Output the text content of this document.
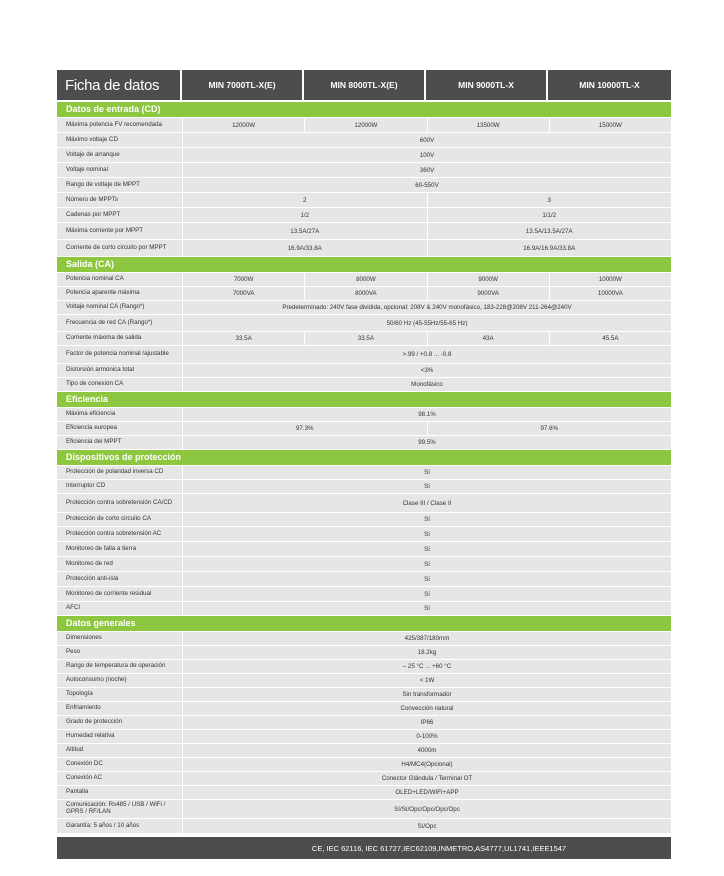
Ficha de datos	MIN 7000TL-X(E)	MIN 8000TL-X(E)	MIN 9000TL-X	MIN 10000TL-X
Datos de entrada (CD)
Máxima potencia FV recomendada	12000W	12000W	13500W	15000W
Máximo voltaje CD	600V
Voltaje de arranque	100V
Voltaje nominal	360V
Rango de voltaje de MPPT	60-550V
Número de MPPTs	2	3
Cadenas por MPPT	1/2	1/1/2
Máxima corriente por MPPT	13.5A/27A	13.5A/13.5A/27A
Corriente de corto circuito por MPPT	16.9A/33.8A	16.9A/16.9A/33.8A
Salida (CA)
Potencia nominal CA	7000W	8000W	9000W	10000W
Potencia aparente máxima	7000VA	8000VA	9000VA	10000VA
Voltaje nominal CA (Rango*)	Predeterminado: 240V fase dividida, opcional: 208V & 240V monofásico, 183-228@208V 211-264@240V
Frecuencia de red CA (Rango*)	50/60 Hz (45-55Hz/55-65 Hz)
Corriente máxima de salida	33.5A	33.5A	43A	45.5A
Factor de potencia nominal /ajustable	>.99 / +0.8 ... -0.8
Distorsión armónica total	<3%
Tipo de conexión CA	Monofásico
Eficiencia
Máxima eficiencia	98.1%
Eficiencia europea	97.3%	97.6%
Eficiencia del MPPT	99.5%
Dispositivos de protección
Protección de polaridad inversa CD	Sí
Interruptor CD	Sí
Protección contra sobretensión CA/CD	Clase III / Clase II
Protección de corto circuito CA	Sí
Protección contra sobretensión AC	Sí
Monitoreo de falla a tierra	Sí
Monitoreo de red	Sí
Protección anti-isla	Sí
Monitoreo de corriente residual	Sí
AFCI	Sí
Datos generales
Dimensiones	425/387/180mm
Peso	18.2kg
Rango de temperatura de operación	– 25 °C ... +60 °C
Autoconsumo (noche)	< 1W
Topología	Sin transformador
Enfriamiento	Convección natural
Grado de protección	IP66
Humedad relativa	0-100%
Altitud	4000m
Conexión DC	H4/MC4(Opcional)
Conexión AC	Conector Glándula / Terminal OT
Pantalla	OLED+LED/WIFI+APP
Comunicación: Rs485 / USB / WiFi / GPRS / RF/LAN	Sí/Sí/Opc/Opc/Opc/Opc
Garantía: 5 años / 10 años	Sí/Opc
CE, IEC 62116, IEC 61727,IEC62109,INMETRO,AS4777,UL1741,IEEE1547
